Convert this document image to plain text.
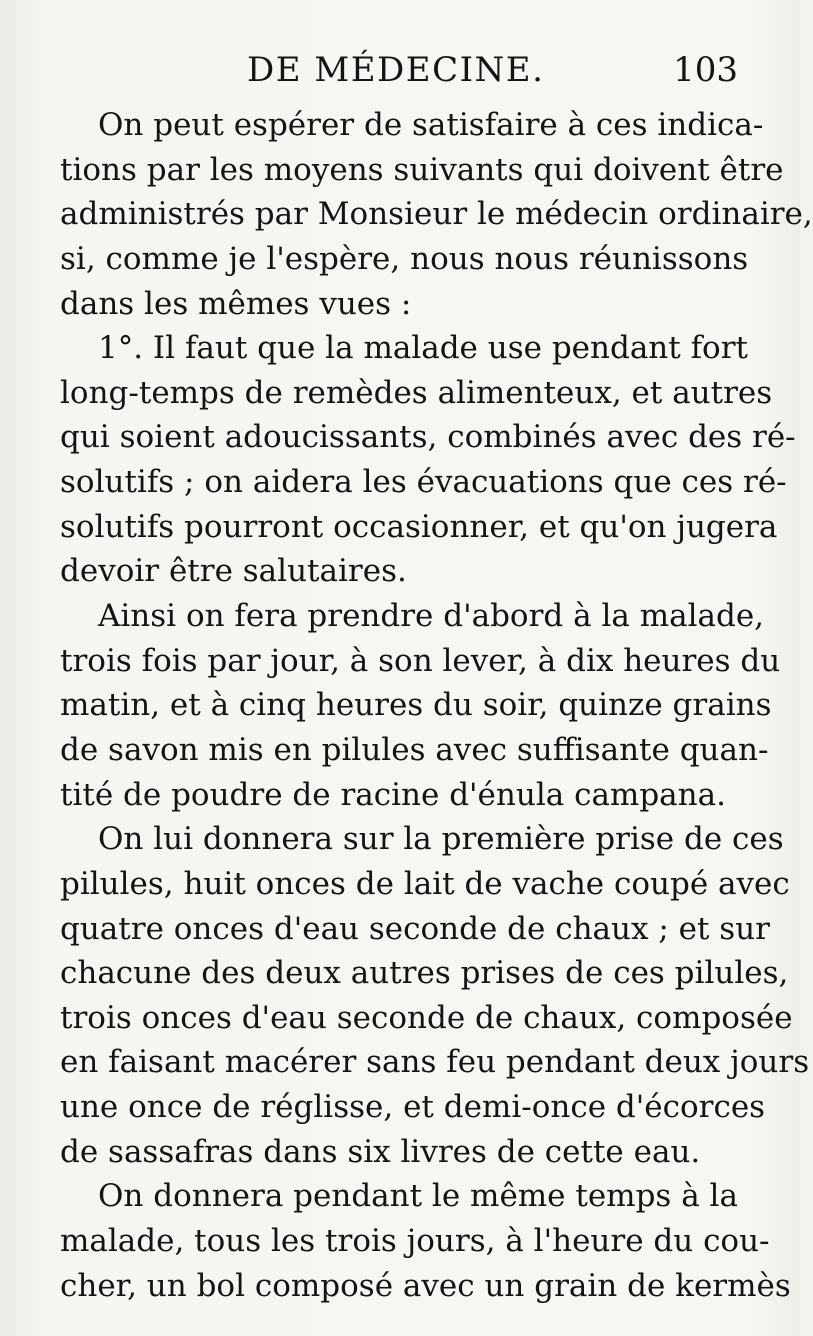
DE MÉDECINE.	103
On peut espérer de satisfaire à ces indica-
tions par les moyens suivants qui doivent être
administrés par Monsieur le médecin ordinaire,
si, comme je l'espère, nous nous réunissons
dans les mêmes vues :
1°. Il faut que la malade use pendant fort
long-temps de remèdes alimenteux, et autres
qui soient adoucissants, combinés avec des ré-
solutifs ; on aidera les évacuations que ces ré-
solutifs pourront occasionner, et qu'on jugera
devoir être salutaires.
Ainsi on fera prendre d'abord à la malade,
trois fois par jour, à son lever, à dix heures du
matin, et à cinq heures du soir, quinze grains
de savon mis en pilules avec suffisante quan-
tité de poudre de racine d'énula campana.
On lui donnera sur la première prise de ces
pilules, huit onces de lait de vache coupé avec
quatre onces d'eau seconde de chaux ; et sur
chacune des deux autres prises de ces pilules,
trois onces d'eau seconde de chaux, composée
en faisant macérer sans feu pendant deux jours
une once de réglisse, et demi-once d'écorces
de sassafras dans six livres de cette eau.
On donnera pendant le même temps à la
malade, tous les trois jours, à l'heure du cou-
cher, un bol composé avec un grain de kermès
